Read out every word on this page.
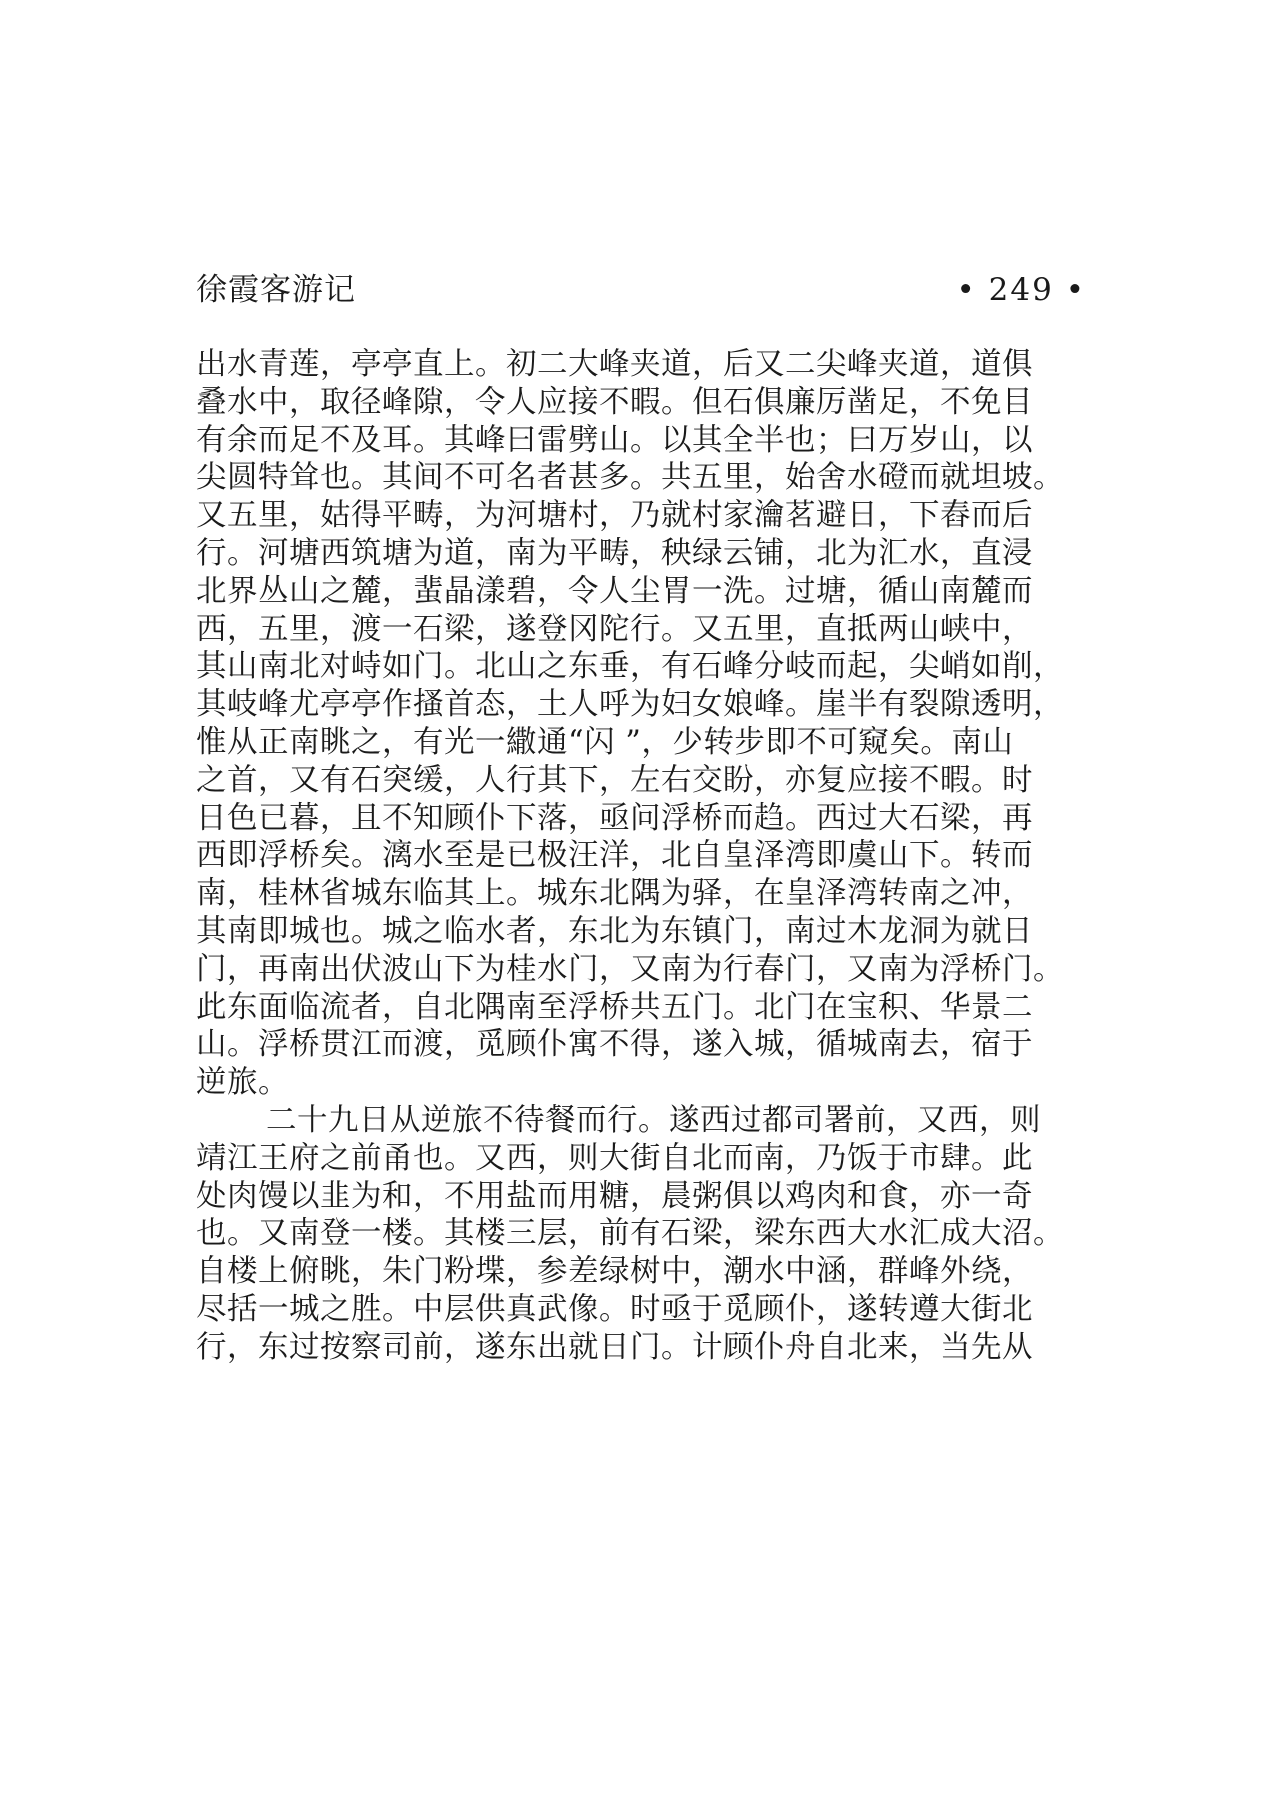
徐霞客游记	• 249 •
出水青莲，亭亭直上。初二大峰夹道，后又二尖峰夹道，道俱
叠水中，取径峰隙，令人应接不暇。但石俱廉厉凿足，不免目
有余而足不及耳。其峰曰雷劈山。以其全半也；曰万岁山，以
尖圆特耸也。其间不可名者甚多。共五里，始舍水磴而就坦坡。
又五里，姑得平畴，为河塘村，乃就村家瀹茗避日，下舂而后
行。河塘西筑塘为道，南为平畴，秧绿云铺，北为汇水，直浸
北界丛山之麓，蜚晶漾碧，令人尘胃一洗。过塘，循山南麓而
西，五里，渡一石梁，遂登冈陀行。又五里，直抵两山峡中，
其山南北对峙如门。北山之东垂，有石峰分岐而起，尖峭如削，
其岐峰尤亭亭作搔首态，土人呼为妇女娘峰。崖半有裂隙透明，
惟从正南眺之，有光一繖通“闪 ”，少转步即不可窥矣。南山
之首，又有石突缓，人行其下，左右交盼，亦复应接不暇。时
日色已暮，且不知顾仆下落，亟问浮桥而趋。西过大石梁，再
西即浮桥矣。漓水至是已极汪洋，北自皇泽湾即虞山下。转而
南，桂林省城东临其上。城东北隅为驿，在皇泽湾转南之冲，
其南即城也。城之临水者，东北为东镇门，南过木龙洞为就日
门，再南出伏波山下为桂水门，又南为行春门，又南为浮桥门。
此东面临流者，自北隅南至浮桥共五门。北门在宝积、华景二
山。浮桥贯江而渡，觅顾仆寓不得，遂入城，循城南去，宿于
逆旅。
二十九日从逆旅不待餐而行。遂西过都司署前，又西，则
靖江王府之前甬也。又西，则大街自北而南，乃饭于市肆。此
处肉馒以韭为和，不用盐而用糖，晨粥俱以鸡肉和食，亦一奇
也。又南登一楼。其楼三层，前有石梁，梁东西大水汇成大沼。
自楼上俯眺，朱门粉堞，参差绿树中，潮水中涵，群峰外绕，
尽括一城之胜。中层供真武像。时亟于觅顾仆，遂转遵大街北
行，东过按察司前，遂东出就日门。计顾仆舟自北来，当先从
